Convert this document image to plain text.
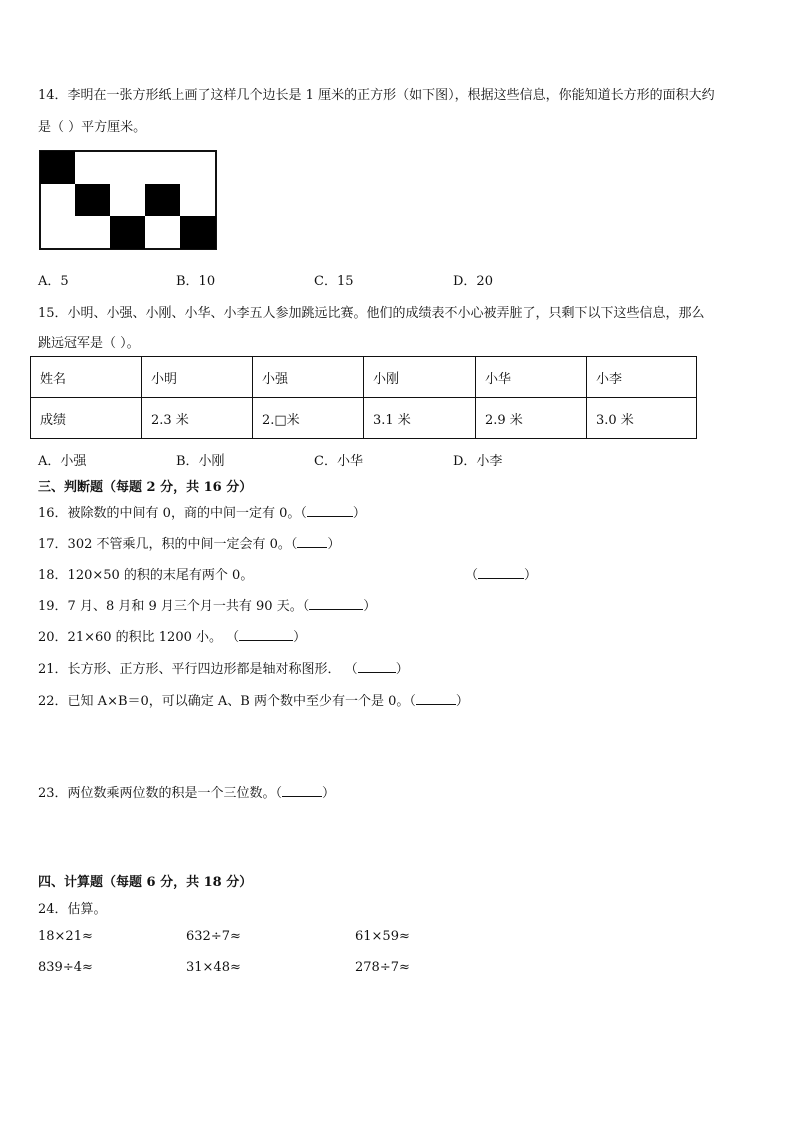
14．李明在一张方形纸上画了这样几个边长是 1 厘米的正方形（如下图），根据这些信息，你能知道长方形的面积大约
是（ ）平方厘米。
A．5	B．10	C．15	D．20
15．小明、小强、小刚、小华、小李五人参加跳远比赛。他们的成绩表不小心被弄脏了，只剩下以下这些信息，那么
跳远冠军是（ ）。
姓名	小明	小强	小刚	小华	小李
成绩	2.3 米	2.□米	3.1 米	2.9 米	3.0 米
A．小强	B．小刚	C．小华	D．小李
三、判断题（每题 2 分，共 16 分）
16．被除数的中间有 0，商的中间一定有 0。（	）
17．302 不管乘几，积的中间一定会有 0。（ ）
18．120×50 的积的末尾有两个 0。	（	）
19．7 月、8 月和 9 月三个月一共有 90 天。（	）
20．21×60 的积比 1200 小。 （	）
21．长方形、正方形、平行四边形都是轴对称图形． （	）
22．已知 A×B＝0，可以确定 A、B 两个数中至少有一个是 0。（	）
23．两位数乘两位数的积是一个三位数。（	）
四、计算题（每题 6 分，共 18 分）
24．估算。
18×21≈	632÷7≈	61×59≈
839÷4≈	31×48≈	278÷7≈
